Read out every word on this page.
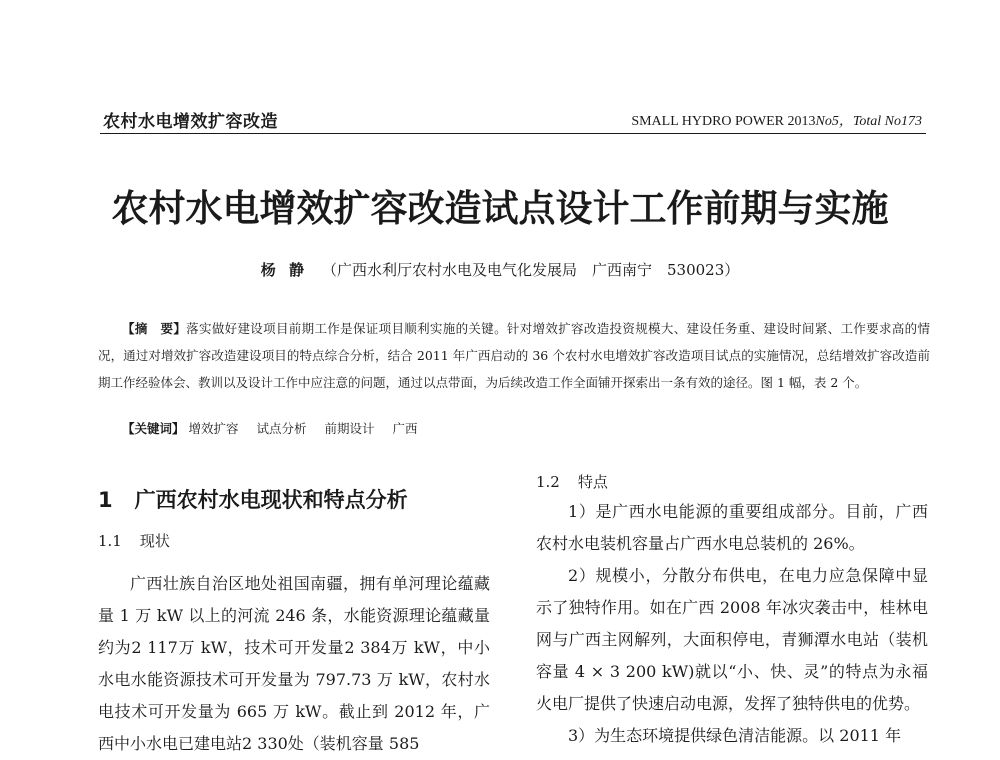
农村水电增效扩容改造	SMALL HYDRO POWER 2013No5，Total No173
农村水电增效扩容改造试点设计工作前期与实施
杨 静 （广西水利厅农村水电及电气化发展局　广西南宁　530023）
【摘　要】落实做好建设项目前期工作是保证项目顺利实施的关键。针对增效扩容改造投资规模大、建设任务重、建设时间紧、工作要求高的情况，通过对增效扩容改造建设项目的特点综合分析，结合 2011 年广西启动的 36 个农村水电增效扩容改造项目试点的实施情况，总结增效扩容改造前期工作经验体会、教训以及设计工作中应注意的问题，通过以点带面，为后续改造工作全面铺开探索出一条有效的途径。图 1 幅，表 2 个。
【关键词】 增效扩容 试点分析 前期设计 广西
1 广西农村水电现状和特点分析
1.1 现状

广西壮族自治区地处祖国南疆，拥有单河理论蕴藏量 1 万 kW 以上的河流 246 条，水能资源理论蕴藏量约为2 117万 kW，技术可开发量2 384万 kW，中小水电水能资源技术可开发量为 797.73 万 kW，农村水电技术可开发量为 665 万 kW。截止到 2012 年，广西中小水电已建电站2 330处（装机容量 585

1.2 特点

1）是广西水电能源的重要组成部分。目前，广西农村水电装机容量占广西水电总装机的 26%。

2）规模小，分散分布供电，在电力应急保障中显示了独特作用。如在广西 2008 年冰灾袭击中，桂林电网与广西主网解列，大面积停电，青狮潭水电站（装机容量 4 × 3 200 kW)就以“小、快、灵”的特点为永福火电厂提供了快速启动电源，发挥了独特供电的优势。

3）为生态环境提供绿色清洁能源。以 2011 年
